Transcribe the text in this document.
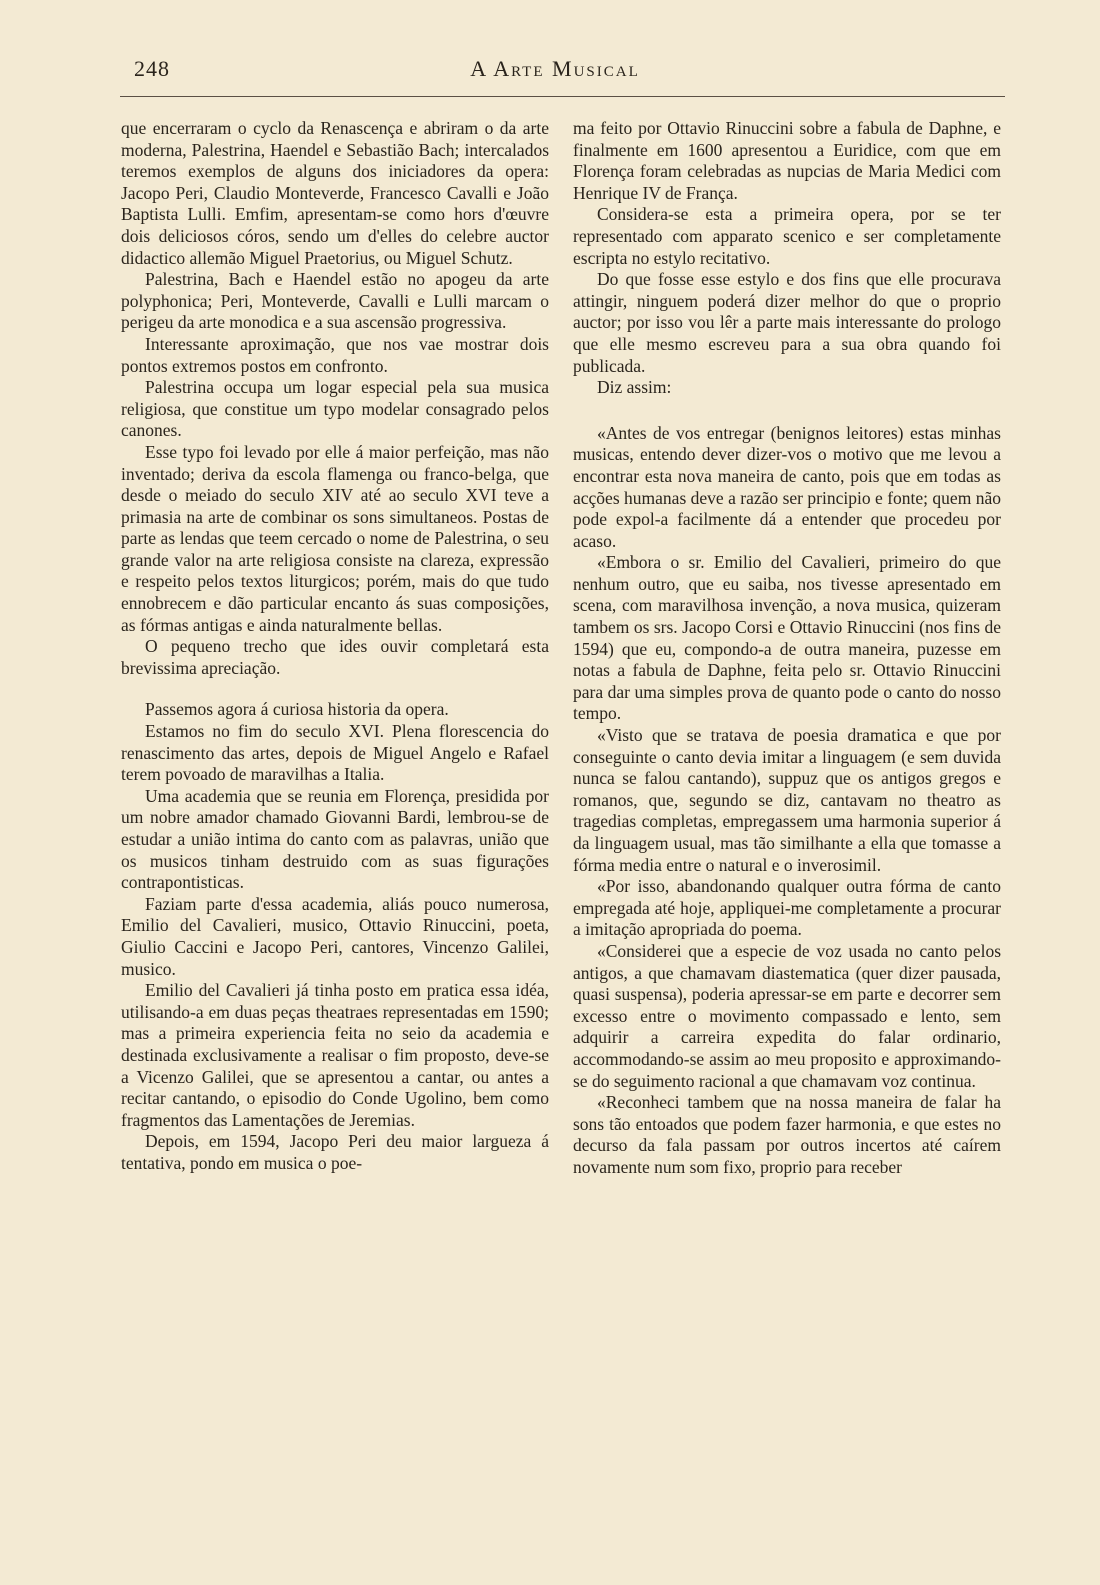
248	A Arte Musical

que encerraram o cyclo da Renascença e abriram o da arte moderna, Palestrina, Haendel e Sebastião Bach; intercalados teremos exemplos de alguns dos iniciadores da opera: Jacopo Peri, Claudio Monteverde, Francesco Cavalli e João Baptista Lulli. Emfim, apresentam-se como hors d'œuvre dois deliciosos córos, sendo um d'elles do celebre auctor didactico allemão Miguel Praetorius, ou Miguel Schutz.

Palestrina, Bach e Haendel estão no apogeu da arte polyphonica; Peri, Monteverde, Cavalli e Lulli marcam o perigeu da arte monodica e a sua ascensão progressiva.

Interessante aproximação, que nos vae mostrar dois pontos extremos postos em confronto.

Palestrina occupa um logar especial pela sua musica religiosa, que constitue um typo modelar consagrado pelos canones.

Esse typo foi levado por elle á maior perfeição, mas não inventado; deriva da escola flamenga ou franco-belga, que desde o meiado do seculo XIV até ao seculo XVI teve a primasia na arte de combinar os sons simultaneos. Postas de parte as lendas que teem cercado o nome de Palestrina, o seu grande valor na arte religiosa consiste na clareza, expressão e respeito pelos textos liturgicos; porém, mais do que tudo ennobrecem e dão particular encanto ás suas composições, as fórmas antigas e ainda naturalmente bellas.

O pequeno trecho que ides ouvir completará esta brevissima apreciação.

Passemos agora á curiosa historia da opera.

Estamos no fim do seculo XVI. Plena florescencia do renascimento das artes, depois de Miguel Angelo e Rafael terem povoado de maravilhas a Italia.

Uma academia que se reunia em Florença, presidida por um nobre amador chamado Giovanni Bardi, lembrou-se de estudar a união intima do canto com as palavras, união que os musicos tinham destruido com as suas figurações contrapontisticas.

Faziam parte d'essa academia, aliás pouco numerosa, Emilio del Cavalieri, musico, Ottavio Rinuccini, poeta, Giulio Caccini e Jacopo Peri, cantores, Vincenzo Galilei, musico.

Emilio del Cavalieri já tinha posto em pratica essa idéa, utilisando-a em duas peças theatraes representadas em 1590; mas a primeira experiencia feita no seio da academia e destinada exclusivamente a realisar o fim proposto, deve-se a Vicenzo Galilei, que se apresentou a cantar, ou antes a recitar cantando, o episodio do Conde Ugolino, bem como fragmentos das Lamentações de Jeremias.

Depois, em 1594, Jacopo Peri deu maior largueza á tentativa, pondo em musica o poe-

ma feito por Ottavio Rinuccini sobre a fabula de Daphne, e finalmente em 1600 apresentou a Euridice, com que em Florença foram celebradas as nupcias de Maria Medici com Henrique IV de França.

Considera-se esta a primeira opera, por se ter representado com apparato scenico e ser completamente escripta no estylo recitativo.

Do que fosse esse estylo e dos fins que elle procurava attingir, ninguem poderá dizer melhor do que o proprio auctor; por isso vou lêr a parte mais interessante do prologo que elle mesmo escreveu para a sua obra quando foi publicada.

Diz assim:

«Antes de vos entregar (benignos leitores) estas minhas musicas, entendo dever dizer-vos o motivo que me levou a encontrar esta nova maneira de canto, pois que em todas as acções humanas deve a razão ser principio e fonte; quem não pode expol-a facilmente dá a entender que procedeu por acaso.

«Embora o sr. Emilio del Cavalieri, primeiro do que nenhum outro, que eu saiba, nos tivesse apresentado em scena, com maravilhosa invenção, a nova musica, quizeram tambem os srs. Jacopo Corsi e Ottavio Rinuccini (nos fins de 1594) que eu, compondo-a de outra maneira, puzesse em notas a fabula de Daphne, feita pelo sr. Ottavio Rinuccini para dar uma simples prova de quanto pode o canto do nosso tempo.

«Visto que se tratava de poesia dramatica e que por conseguinte o canto devia imitar a linguagem (e sem duvida nunca se falou cantando), suppuz que os antigos gregos e romanos, que, segundo se diz, cantavam no theatro as tragedias completas, empregassem uma harmonia superior á da linguagem usual, mas tão similhante a ella que tomasse a fórma media entre o natural e o inverosimil.

«Por isso, abandonando qualquer outra fórma de canto empregada até hoje, appliquei-me completamente a procurar a imitação apropriada do poema.

«Considerei que a especie de voz usada no canto pelos antigos, a que chamavam diastematica (quer dizer pausada, quasi suspensa), poderia apressar-se em parte e decorrer sem excesso entre o movimento compassado e lento, sem adquirir a carreira expedita do falar ordinario, accommodando-se assim ao meu proposito e approximando-se do seguimento racional a que chamavam voz continua.

«Reconheci tambem que na nossa maneira de falar ha sons tão entoados que podem fazer harmonia, e que estes no decurso da fala passam por outros incertos até caírem novamente num som fixo, proprio para receber
